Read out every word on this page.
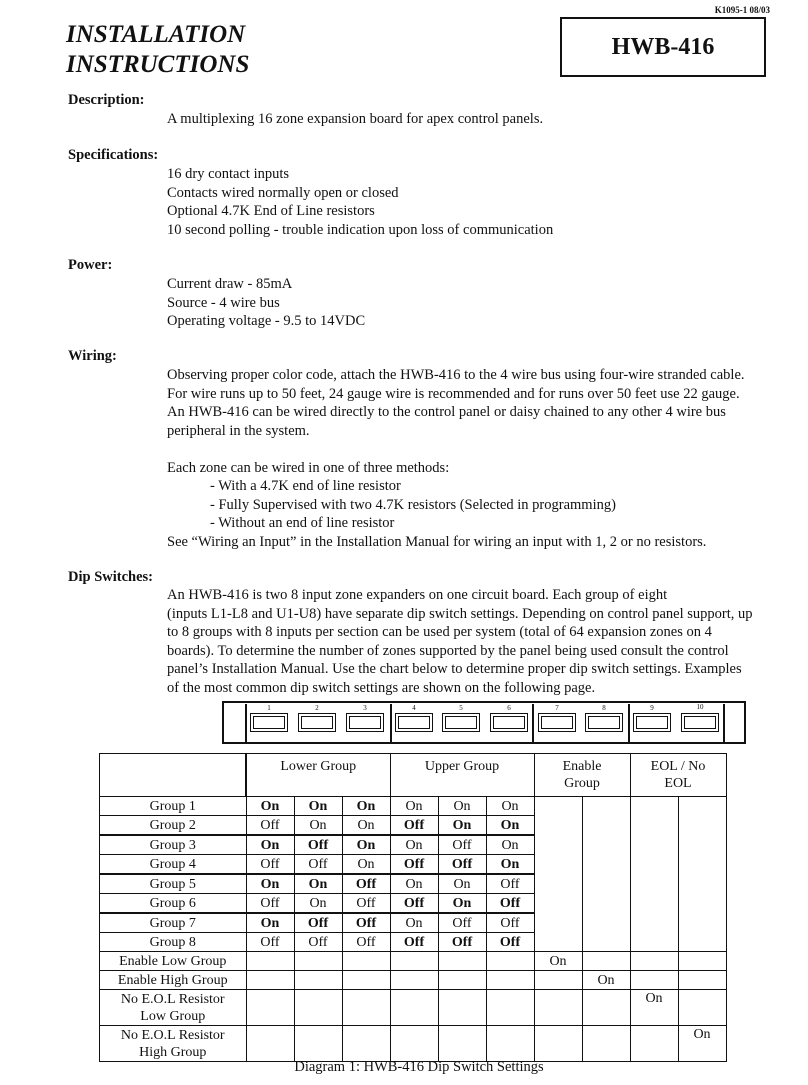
K1095-1 08/03
INSTALLATION
INSTRUCTIONS
HWB-416
Description:
A multiplexing 16 zone expansion board for apex control panels.
Specifications:
16 dry contact inputs
Contacts wired normally open or closed
Optional 4.7K End of Line resistors
10 second polling - trouble indication upon loss of communication
Power:
Current draw - 85mA
Source - 4 wire bus
Operating voltage - 9.5 to 14VDC
Wiring:
Observing proper color code, attach the HWB-416 to the 4 wire bus using four-wire stranded cable.
For wire runs up to 50 feet, 24 gauge wire is recommended and for runs over 50 feet use 22 gauge.
An HWB-416 can be wired directly to the control panel or daisy chained to any other 4 wire bus
peripheral in the system.
Each zone can be wired in one of three methods:
- With a 4.7K end of line resistor
- Fully Supervised with two 4.7K resistors (Selected in programming)
- Without an end of line resistor
See “Wiring an Input” in the Installation Manual for wiring an input with 1, 2 or no resistors.
Dip Switches:
An HWB-416 is two 8 input zone expanders on one circuit board. Each group of eight
(inputs L1-L8 and U1-U8) have separate dip switch settings. Depending on control panel support, up
to 8 groups with 8 inputs per section can be used per system (total of 64 expansion zones on 4
boards). To determine the number of zones supported by the panel being used consult the control
panel’s Installation Manual. Use the chart below to determine proper dip switch settings. Examples
of the most common dip switch settings are shown on the following page.
1	2	3	4	5	6	7	8	9	10
	Lower Group			Upper Group			Enable
Group		EOL / No
EOL	
Group 1	On	On	On	On	On	On				
Group 2	Off	On	On	Off	On	On				
Group 3	On	Off	On	On	Off	On				
Group 4	Off	Off	On	Off	Off	On				
Group 5	On	On	Off	On	On	Off				
Group 6	Off	On	Off	Off	On	Off				
Group 7	On	Off	Off	On	Off	Off				
Group 8	Off	Off	Off	Off	Off	Off				
Enable Low Group							On			
Enable High Group								On		
No E.O.L Resistor
Low Group									On	
No E.O.L Resistor
High Group										On
Diagram 1: HWB-416 Dip Switch Settings
